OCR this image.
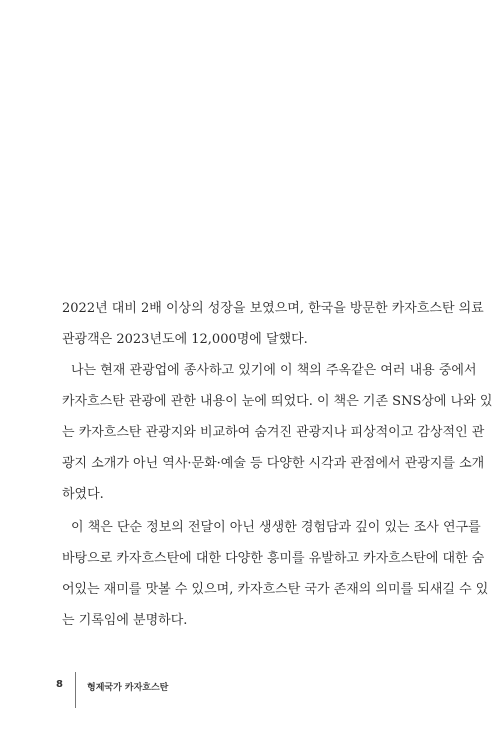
2022년 대비 2배 이상의 성장을 보였으며, 한국을 방문한 카자흐스탄 의료
관광객은 2023년도에 12,000명에 달했다.

나는 현재 관광업에 종사하고 있기에 이 책의 주옥같은 여러 내용 중에서
카자흐스탄 관광에 관한 내용이 눈에 띄었다. 이 책은 기존 SNS상에 나와 있
는 카자흐스탄 관광지와 비교하여 숨겨진 관광지나 피상적이고 감상적인 관
광지 소개가 아닌 역사·문화·예술 등 다양한 시각과 관점에서 관광지를 소개
하였다.

이 책은 단순 정보의 전달이 아닌 생생한 경험담과 깊이 있는 조사 연구를
바탕으로 카자흐스탄에 대한 다양한 흥미를 유발하고 카자흐스탄에 대한 숨
어있는 재미를 맛볼 수 있으며, 카자흐스탄 국가 존재의 의미를 되새길 수 있
는 기록임에 분명하다.

8	형제국가 카자흐스탄
